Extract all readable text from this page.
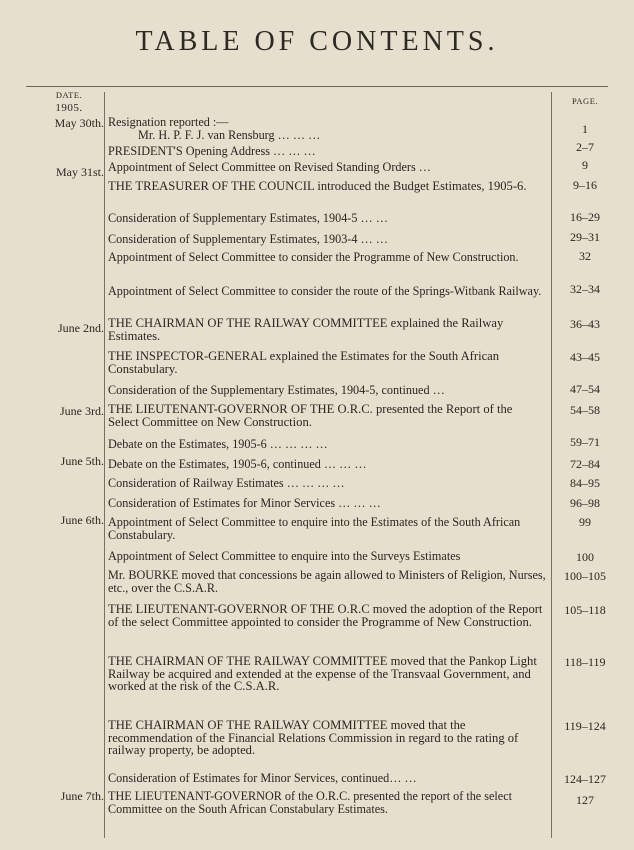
TABLE OF CONTENTS.
DATE.
1905.
PAGE.
May 30th. Resignation reported :—
Mr. H. P. F. J. van Rensburg … … …	1
PRESIDENT'S Opening Address … … …	2–7
May 31st. Appointment of Select Committee on Revised Standing Orders …	9
THE TREASURER OF THE COUNCIL introduced the Budget Estimates, 1905-6.	9–16
Consideration of Supplementary Estimates, 1904-5 … …	16–29
Consideration of Supplementary Estimates, 1903-4 … …	29–31
Appointment of Select Committee to consider the Programme of New Construction.	32
Appointment of Select Committee to consider the route of the Springs-Witbank Railway.	32–34
June 2nd. THE CHAIRMAN OF THE RAILWAY COMMITTEE explained the Railway Estimates.
36–43
THE INSPECTOR-GENERAL explained the Estimates for the South African Constabulary.
43–45
Consideration of the Supplementary Estimates, 1904-5, continued …	47–54
June 3rd. THE LIEUTENANT-GOVERNOR OF THE O.R.C. presented the Report of the Select Committee on New Construction.
54–58
Debate on the Estimates, 1905-6 … … … …	59–71
June 5th. Debate on the Estimates, 1905-6, continued … … …	72–84
Consideration of Railway Estimates … … … …	84–95
Consideration of Estimates for Minor Services … … …	96–98
June 6th. Appointment of Select Committee to enquire into the Estimates of the South African Constabulary.
99
Appointment of Select Committee to enquire into the Surveys Estimates	100
Mr. BOURKE moved that concessions be again allowed to Ministers of Religion, Nurses, etc., over the C.S.A.R.
100–105
THE LIEUTENANT-GOVERNOR OF THE O.R.C moved the adoption of the Report of the select Committee appointed to consider the Programme of New Construction.
105–118
THE CHAIRMAN OF THE RAILWAY COMMITTEE moved that the Pankop Light Railway be acquired and extended at the expense of the Transvaal Government, and worked at the risk of the C.S.A.R.
118–119
THE CHAIRMAN OF THE RAILWAY COMMITTEE moved that the recommendation of the Financial Relations Commission in regard to the rating of railway property, be adopted.
119–124
Consideration of Estimates for Minor Services, continued… …	124–127
June 7th. THE LIEUTENANT-GOVERNOR of the O.R.C. presented the report of the select Committee on the South African Constabulary Estimates.
127
